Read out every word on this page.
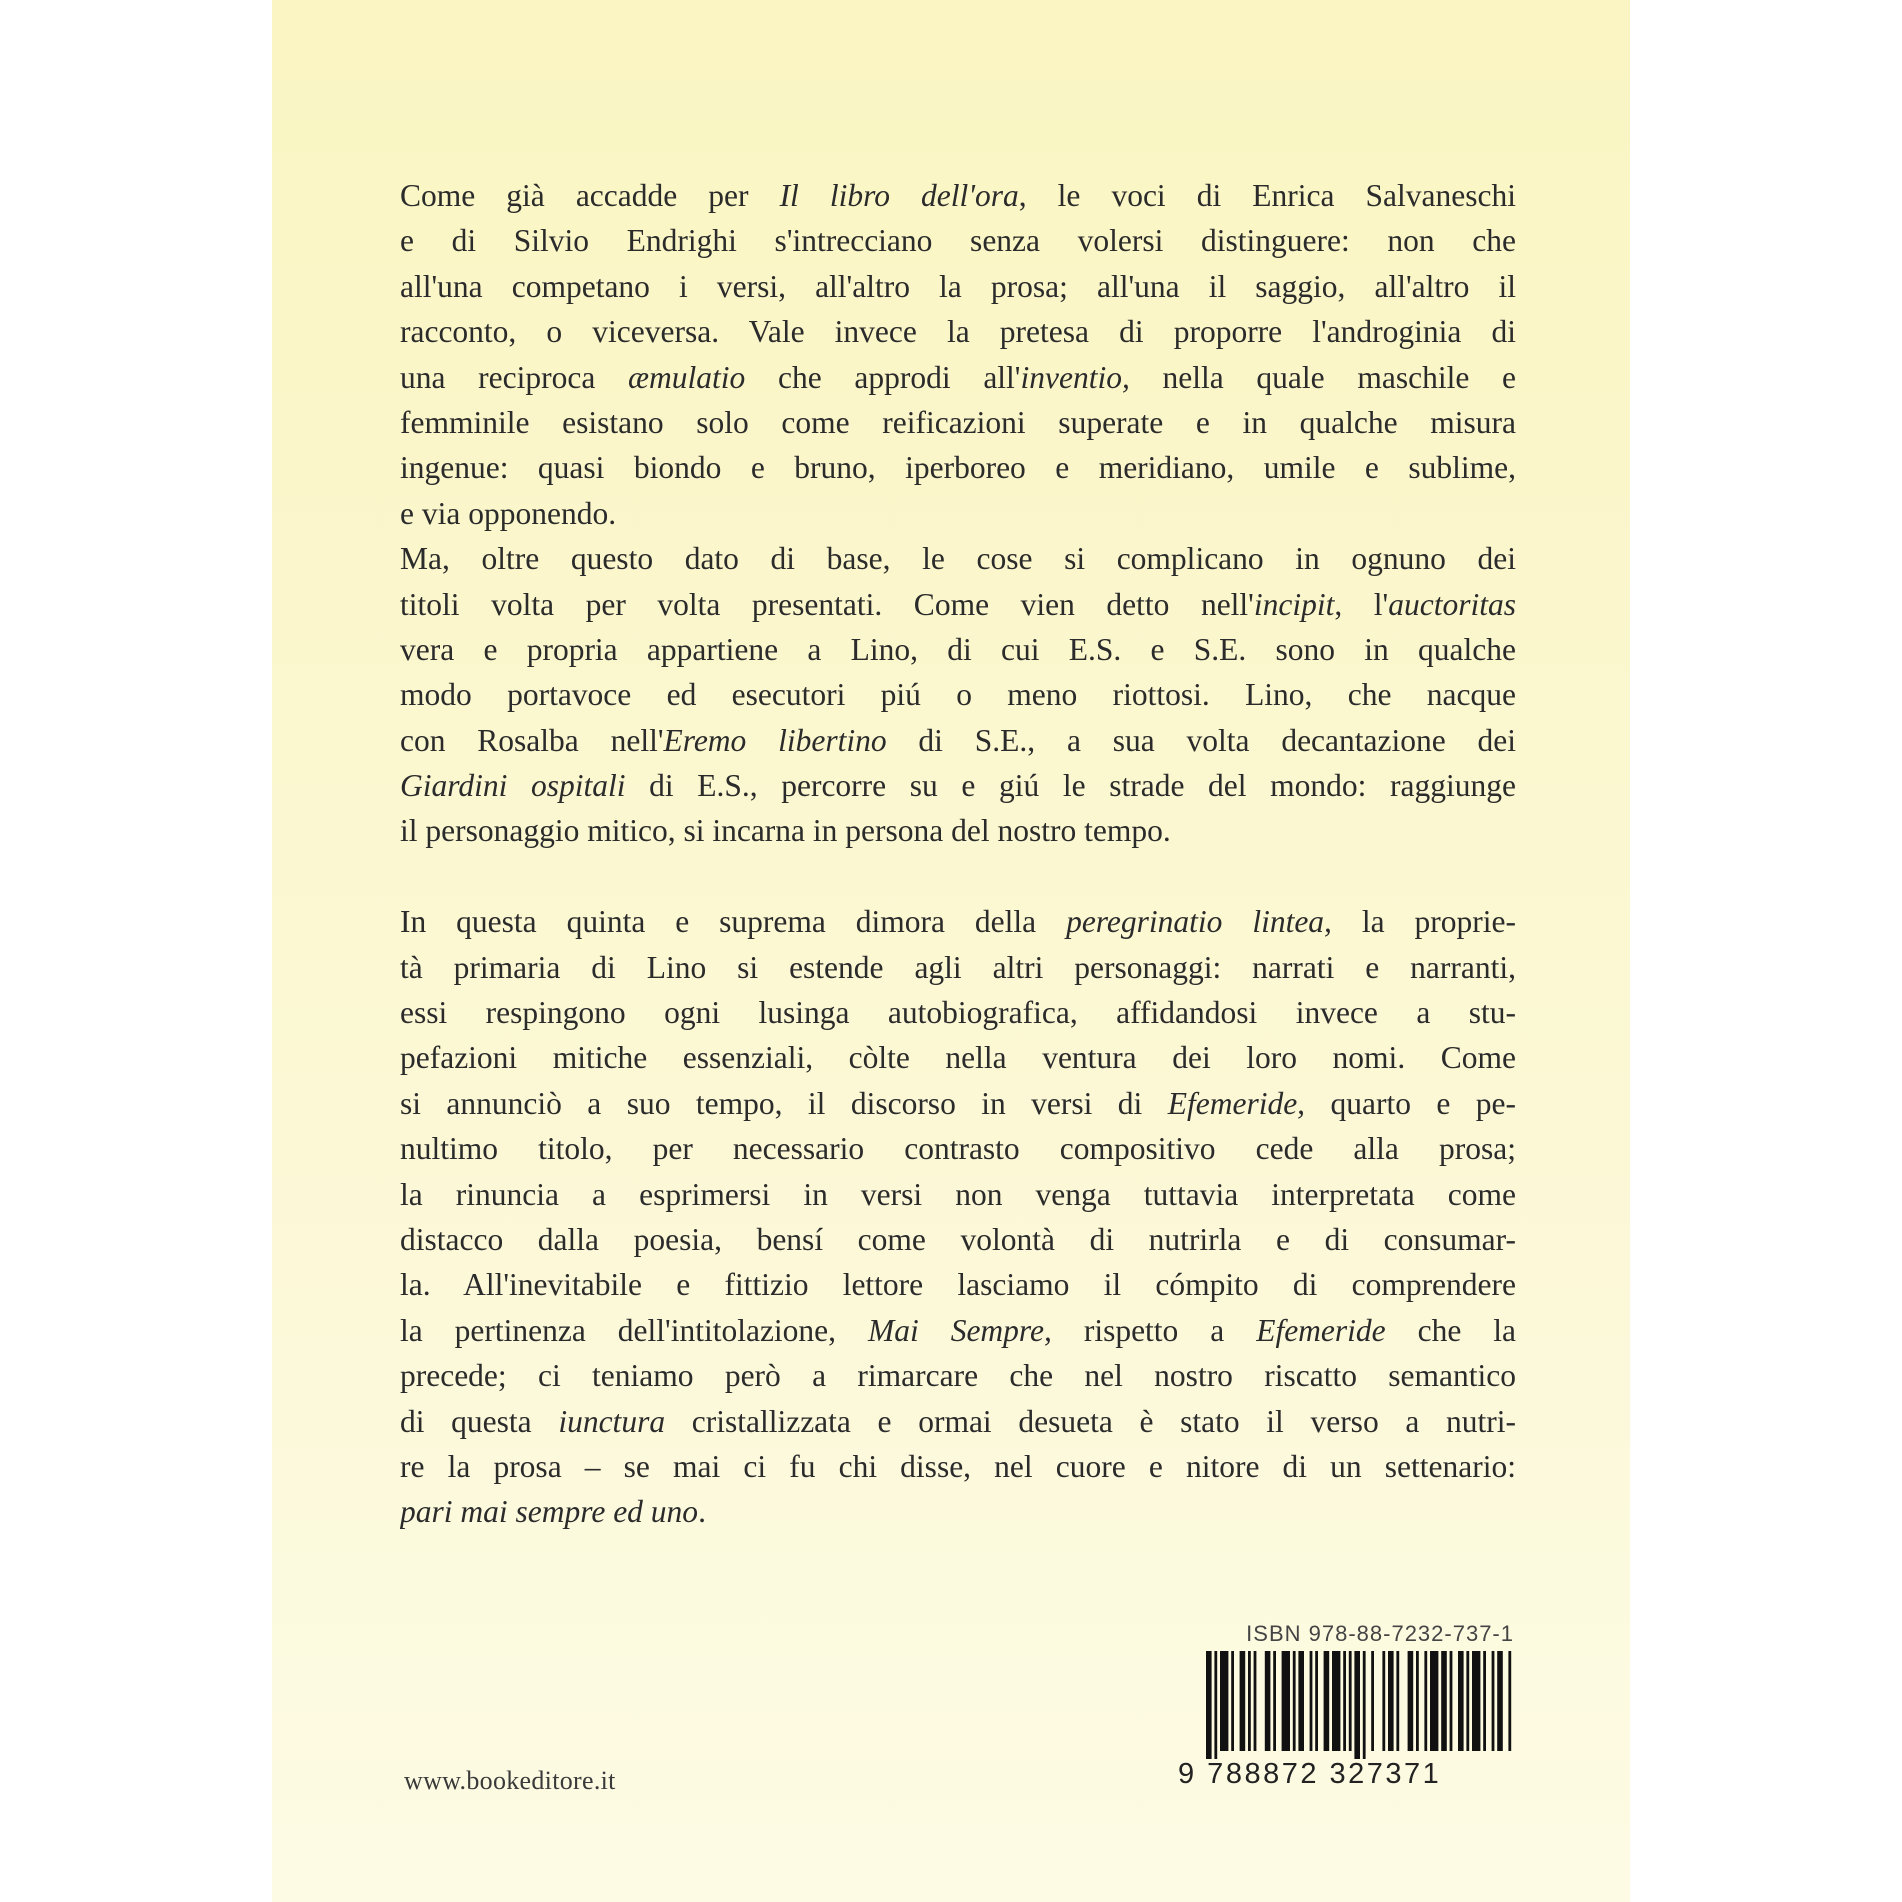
Come già accadde per Il libro dell'ora, le voci di Enrica Salvaneschi
e di Silvio Endrighi s'intrecciano senza volersi distinguere: non che
all'una competano i versi, all'altro la prosa; all'una il saggio, all'altro il
racconto, o viceversa. Vale invece la pretesa di proporre l'androginia di
una reciproca æmulatio che approdi all'inventio, nella quale maschile e
femminile esistano solo come reificazioni superate e in qualche misura
ingenue: quasi biondo e bruno, iperboreo e meridiano, umile e sublime,
e via opponendo.
Ma, oltre questo dato di base, le cose si complicano in ognuno dei
titoli volta per volta presentati. Come vien detto nell'incipit, l'auctoritas
vera e propria appartiene a Lino, di cui E.S. e S.E. sono in qualche
modo portavoce ed esecutori piú o meno riottosi. Lino, che nacque
con Rosalba nell'Eremo libertino di S.E., a sua volta decantazione dei
Giardini ospitali di E.S., percorre su e giú le strade del mondo: raggiunge
il personaggio mitico, si incarna in persona del nostro tempo.
In questa quinta e suprema dimora della peregrinatio lintea, la proprie-
tà primaria di Lino si estende agli altri personaggi: narrati e narranti,
essi respingono ogni lusinga autobiografica, affidandosi invece a stu-
pefazioni mitiche essenziali, còlte nella ventura dei loro nomi. Come
si annunciò a suo tempo, il discorso in versi di Efemeride, quarto e pe-
nultimo titolo, per necessario contrasto compositivo cede alla prosa;
la rinuncia a esprimersi in versi non venga tuttavia interpretata come
distacco dalla poesia, bensí come volontà di nutrirla e di consumar-
la. All'inevitabile e fittizio lettore lasciamo il cómpito di comprendere
la pertinenza dell'intitolazione, Mai Sempre, rispetto a Efemeride che la
precede; ci teniamo però a rimarcare che nel nostro riscatto semantico
di questa iunctura cristallizzata e ormai desueta è stato il verso a nutri-
re la prosa – se mai ci fu chi disse, nel cuore e nitore di un settenario:
pari mai sempre ed uno.
www.bookeditore.it
ISBN 978-88-7232-737-1
9 788872 327371
